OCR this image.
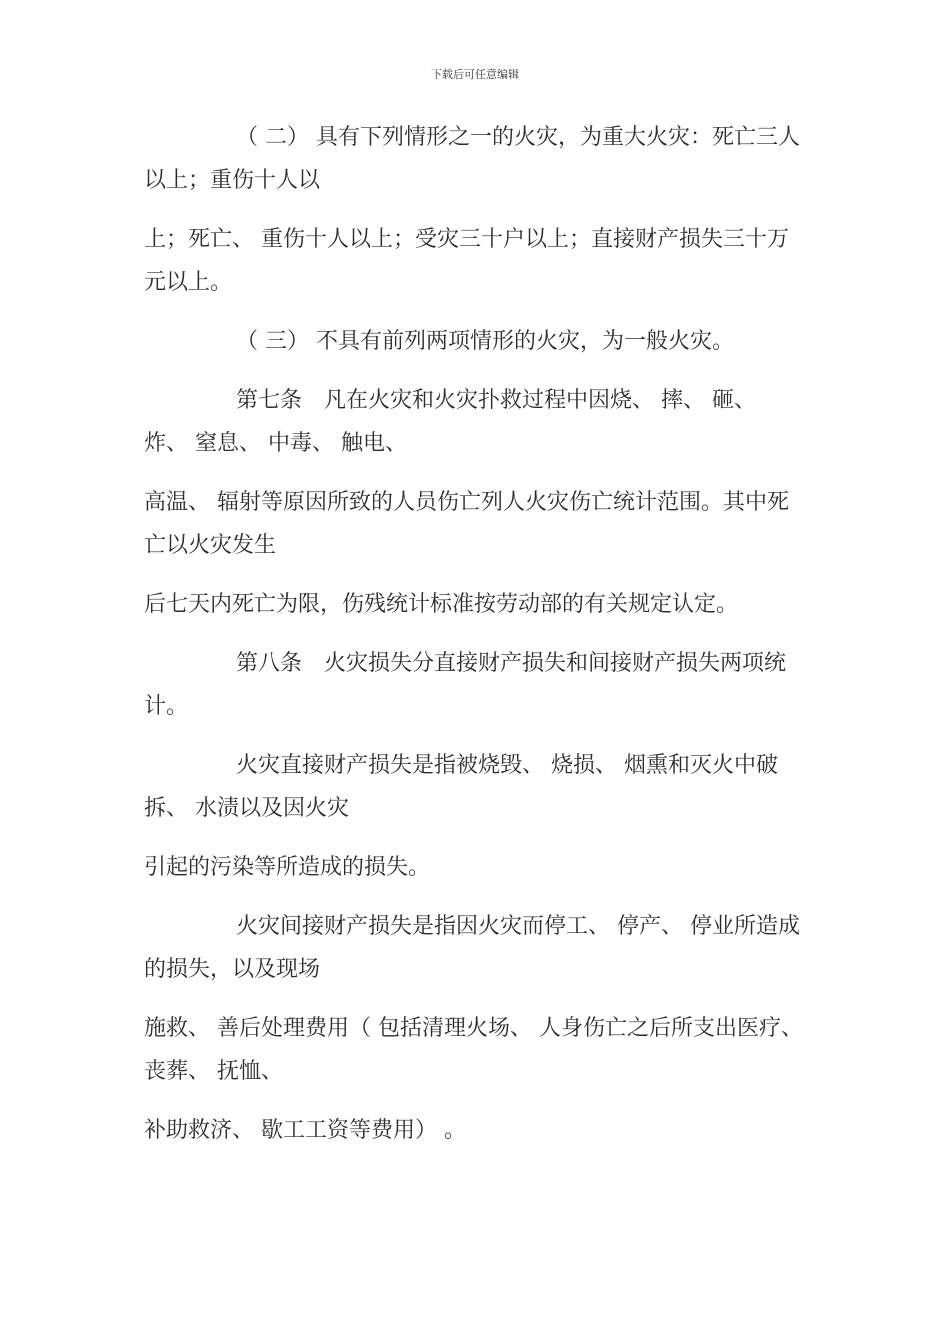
下载后可任意编辑

（ 二） 具有下列情形之一的火灾，为重大火灾：死亡三人以上；重伤十人以

上；死亡、 重伤十人以上；受灾三十户以上；直接财产损失三十万元以上。

（ 三） 不具有前列两项情形的火灾，为一般火灾。

第七条　凡在火灾和火灾扑救过程中因烧、 摔、 砸、 炸、 窒息、 中毒、 触电、

高温、 辐射等原因所致的人员伤亡列人火灾伤亡统计范围。其中死亡以火灾发生

后七天内死亡为限，伤残统计标准按劳动部的有关规定认定。

第八条　火灾损失分直接财产损失和间接财产损失两项统计。

火灾直接财产损失是指被烧毁、 烧损、 烟熏和灭火中破拆、 水渍以及因火灾

引起的污染等所造成的损失。

火灾间接财产损失是指因火灾而停工、 停产、 停业所造成的损失，以及现场

施救、 善后处理费用（ 包括清理火场、 人身伤亡之后所支出医疗、 丧葬、 抚恤、

补助救济、 歇工工资等费用） 。
